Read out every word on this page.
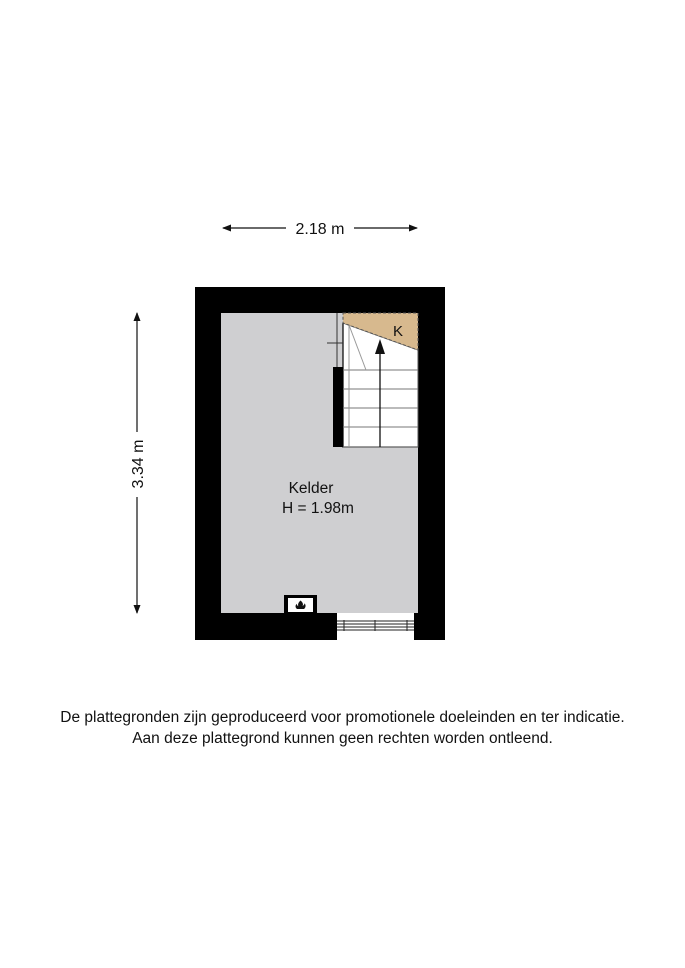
2.18 m
3.34 m
K
Kelder
H = 1.98m
De plattegronden zijn geproduceerd voor promotionele doeleinden en ter indicatie.
Aan deze plattegrond kunnen geen rechten worden ontleend.
